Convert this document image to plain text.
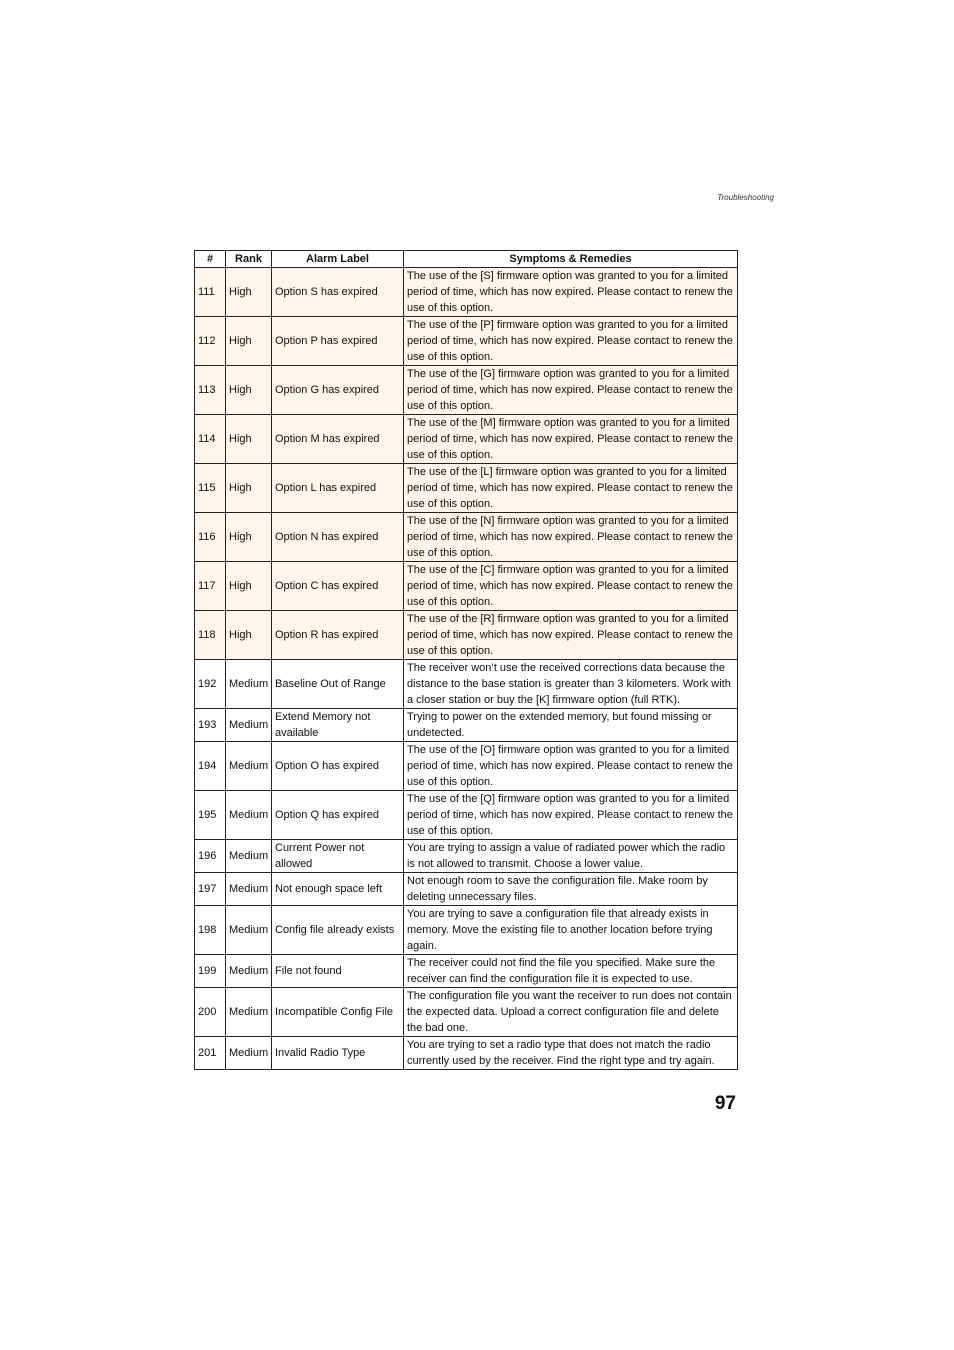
Troubleshooting
#	Rank	Alarm Label	Symptoms & Remedies
111	High	Option S has expired	The use of the [S] firmware option was granted to you for a limited period of time, which has now expired. Please contact to renew the use of this option.
112	High	Option P has expired	The use of the [P] firmware option was granted to you for a limited period of time, which has now expired. Please contact to renew the use of this option.
113	High	Option G has expired	The use of the [G] firmware option was granted to you for a limited period of time, which has now expired. Please contact to renew the use of this option.
114	High	Option M has expired	The use of the [M] firmware option was granted to you for a limited period of time, which has now expired. Please contact to renew the use of this option.
115	High	Option L has expired	The use of the [L] firmware option was granted to you for a limited period of time, which has now expired. Please contact to renew the use of this option.
116	High	Option N has expired	The use of the [N] firmware option was granted to you for a limited period of time, which has now expired. Please contact to renew the use of this option.
117	High	Option C has expired	The use of the [C] firmware option was granted to you for a limited period of time, which has now expired. Please contact to renew the use of this option.
118	High	Option R has expired	The use of the [R] firmware option was granted to you for a limited period of time, which has now expired. Please contact to renew the use of this option.
192	Medium	Baseline Out of Range	The receiver won’t use the received corrections data because the distance to the base station is greater than 3 kilometers. Work with a closer station or buy the [K] firmware option (full RTK).
193	Medium	Extend Memory not available	Trying to power on the extended memory, but found missing or undetected.
194	Medium	Option O has expired	The use of the [O] firmware option was granted to you for a limited period of time, which has now expired. Please contact to renew the use of this option.
195	Medium	Option Q has expired	The use of the [Q] firmware option was granted to you for a limited period of time, which has now expired. Please contact to renew the use of this option.
196	Medium	Current Power not allowed	You are trying to assign a value of radiated power which the radio is not allowed to transmit. Choose a lower value.
197	Medium	Not enough space left	Not enough room to save the configuration file. Make room by deleting unnecessary files.
198	Medium	Config file already exists	You are trying to save a configuration file that already exists in memory. Move the existing file to another location before trying again.
199	Medium	File not found	The receiver could not find the file you specified. Make sure the receiver can find the configuration file it is expected to use.
200	Medium	Incompatible Config File	The configuration file you want the receiver to run does not contain the expected data. Upload a correct configuration file and delete the bad one.
201	Medium	Invalid Radio Type	You are trying to set a radio type that does not match the radio currently used by the receiver. Find the right type and try again.
97
